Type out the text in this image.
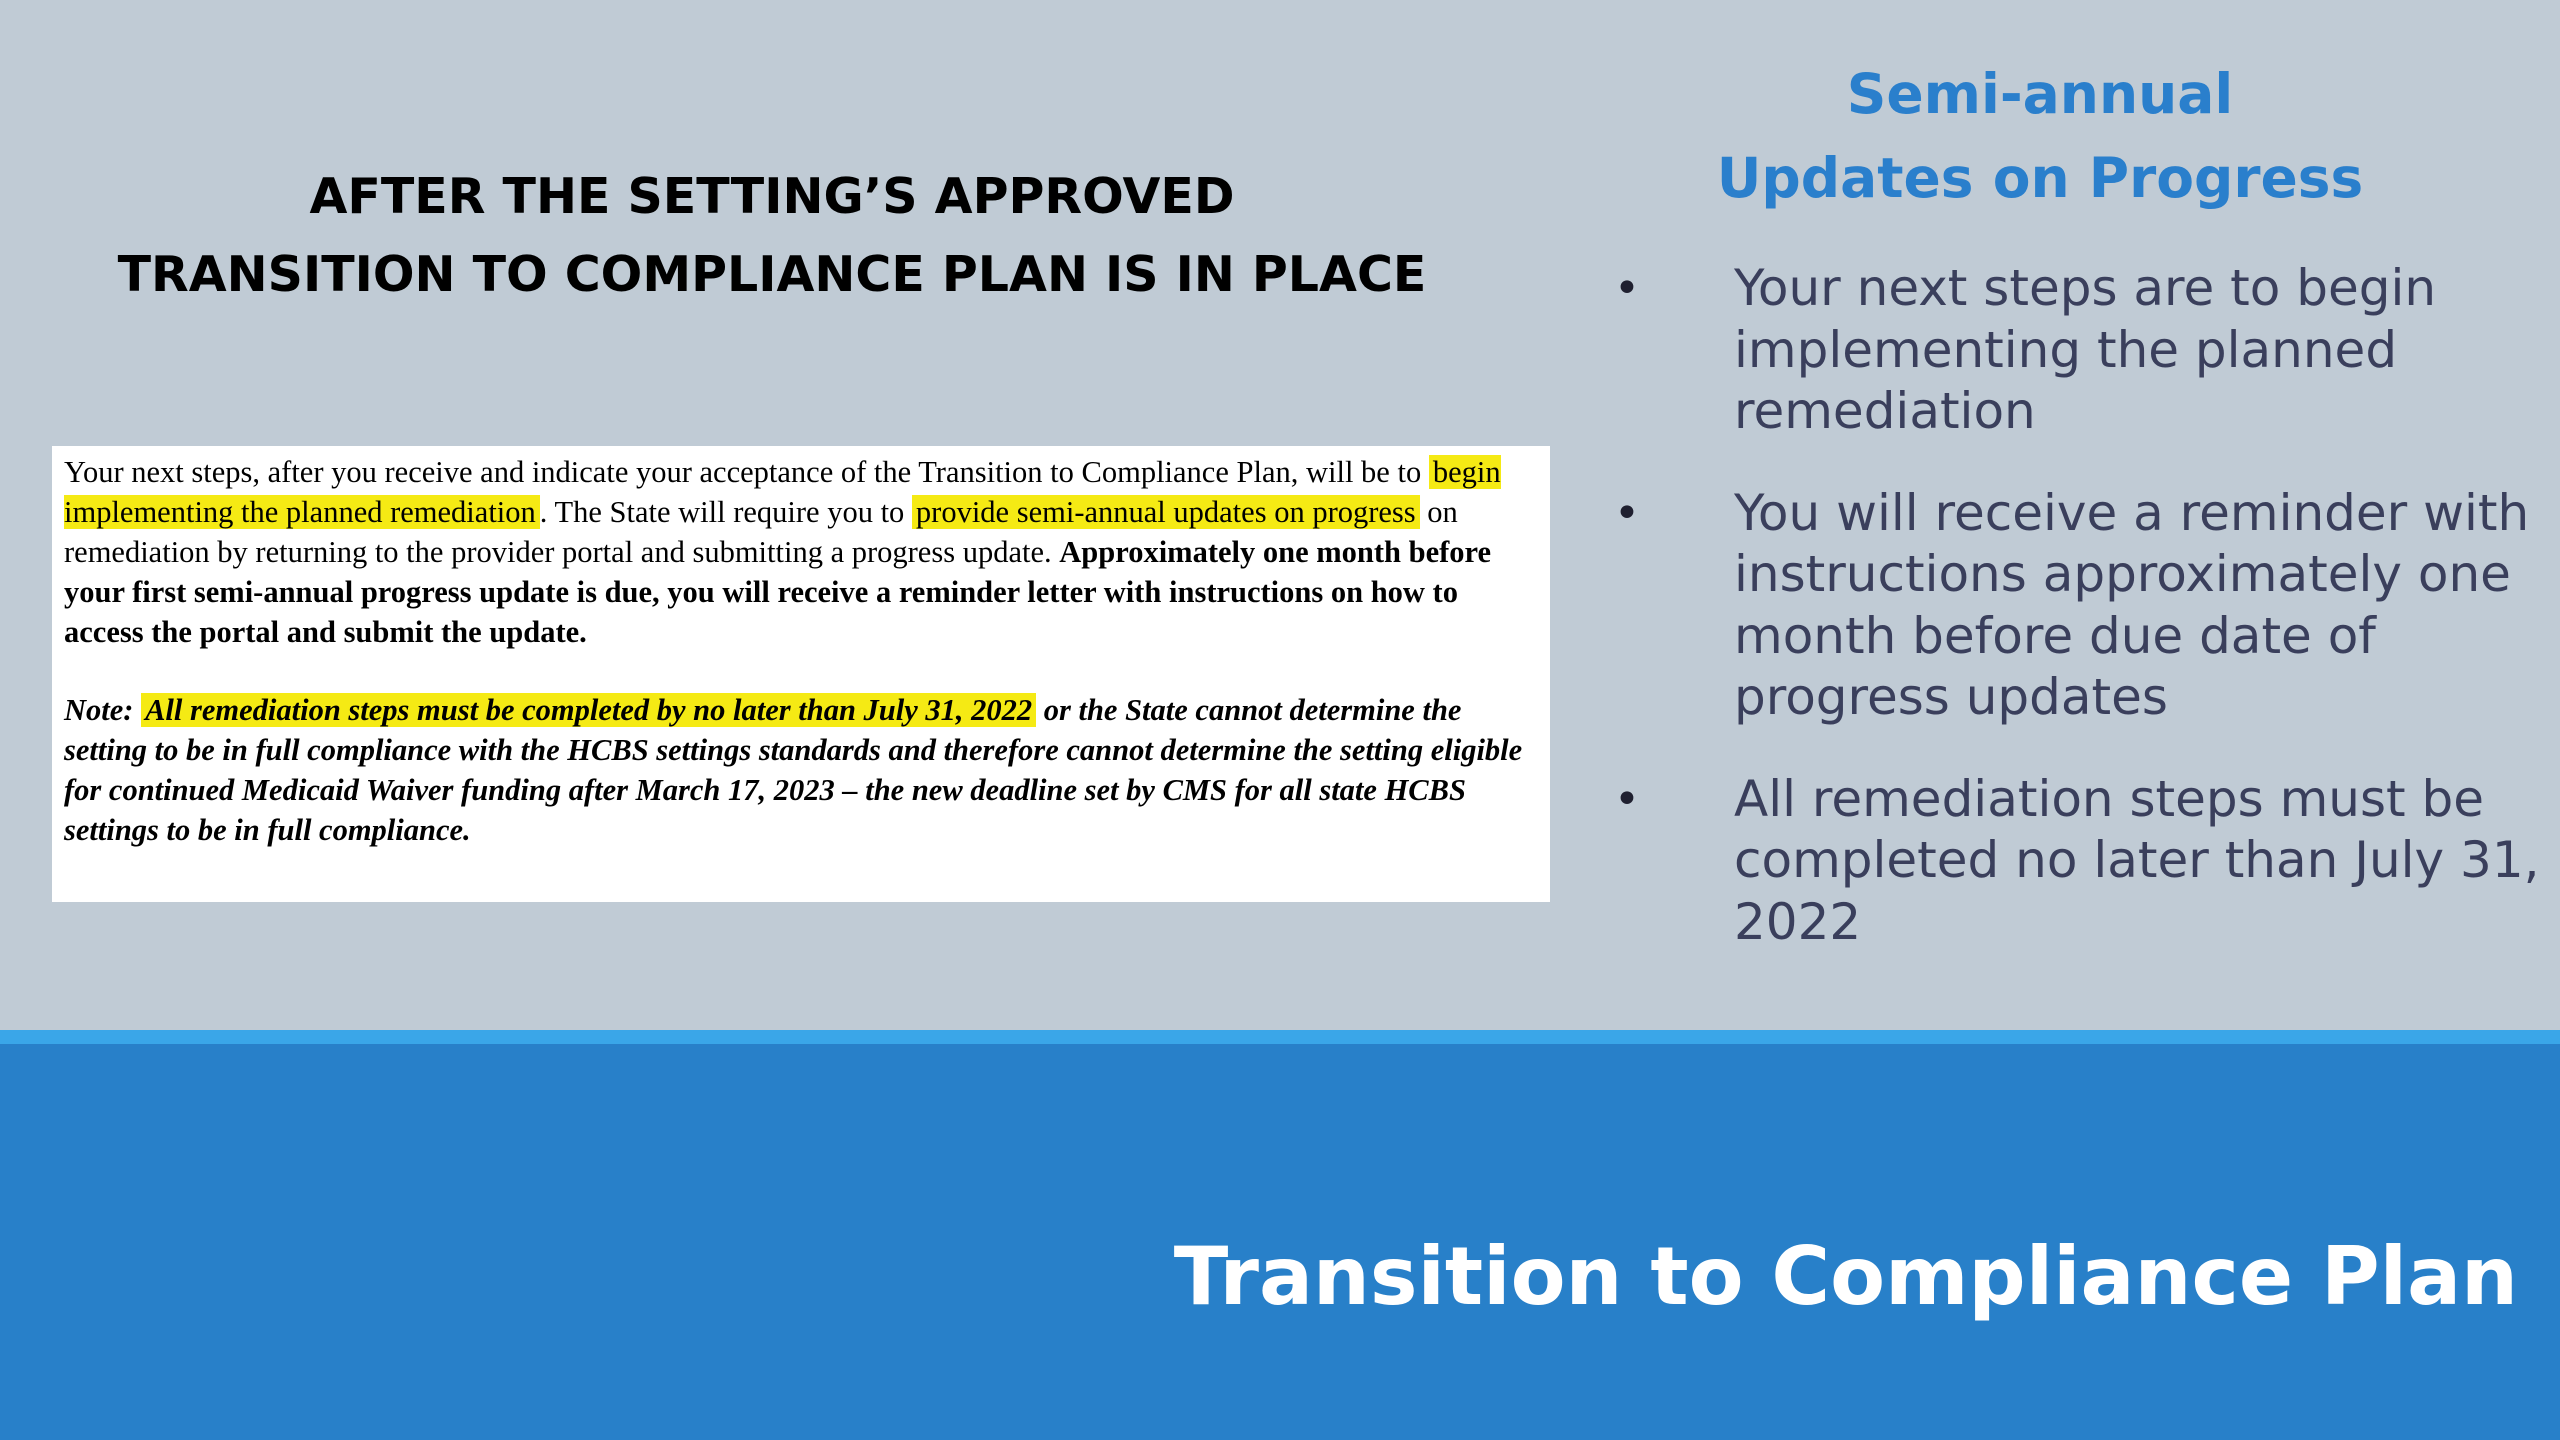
AFTER THE SETTING’S APPROVED
TRANSITION TO COMPLIANCE PLAN IS IN PLACE

Your next steps, after you receive and indicate your acceptance of the Transition to Compliance Plan, will be to begin implementing the planned remediation . The State will require you to provide semi-annual updates on progress on remediation by returning to the provider portal and submitting a progress update. Approximately one month before your first semi-annual progress update is due, you will receive a reminder letter with instructions on how to access the portal and submit the update.

Note: All remediation steps must be completed by no later than July 31, 2022 or the State cannot determine the setting to be in full compliance with the HCBS settings standards and therefore cannot determine the setting eligible for continued Medicaid Waiver funding after March 17, 2023 – the new deadline set by CMS for all state HCBS settings to be in full compliance.

Semi-annual
Updates on Progress
• Your next steps are to begin implementing the planned remediation
• You will receive a reminder with instructions approximately one month before due date of progress updates
• All remediation steps must be completed no later than July 31, 2022
Transition to Compliance Plan
